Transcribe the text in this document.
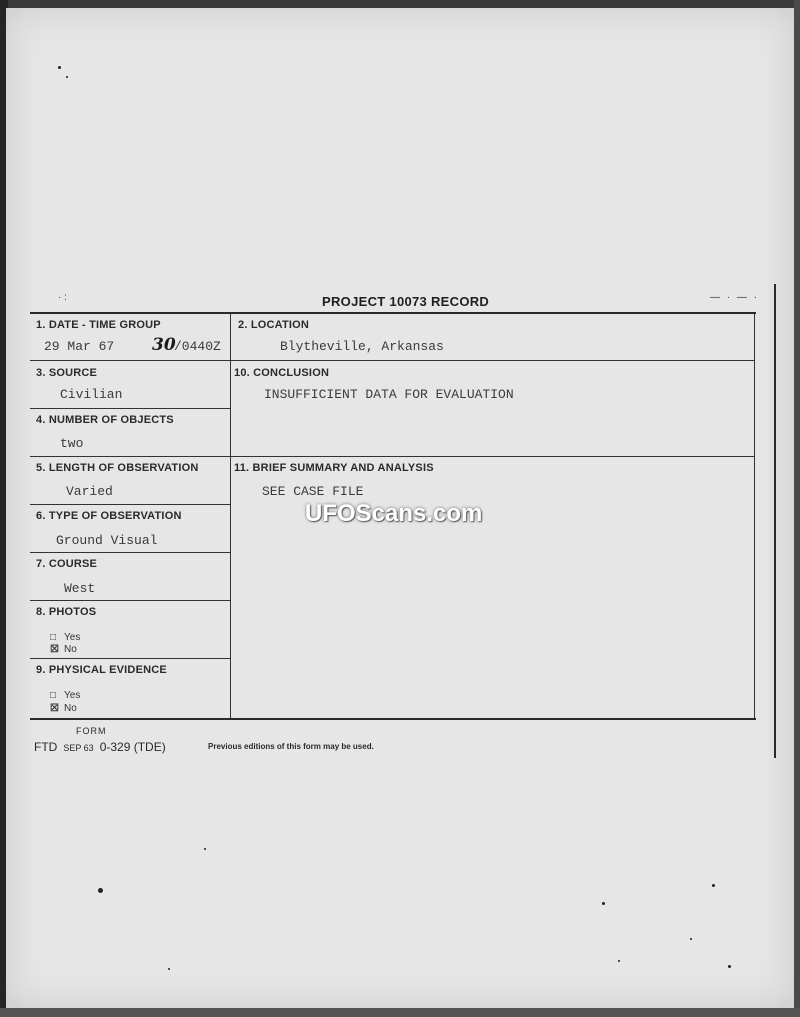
· :	PROJECT 10073 RECORD	— · — ·
1. DATE - TIME GROUP
29 Mar 67 30
/0440Z
2. LOCATION
Blytheville, Arkansas
3. SOURCE
Civilian
10. CONCLUSION
INSUFFICIENT DATA FOR EVALUATION
4. NUMBER OF OBJECTS
two
5. LENGTH OF OBSERVATION
Varied
11. BRIEF SUMMARY AND ANALYSIS
SEE CASE FILE
6. TYPE OF OBSERVATION
Ground Visual
7. COURSE
West
8. PHOTOS
□ Yes
☒ No
9. PHYSICAL EVIDENCE
□ Yes
☒ No
FORM
FTD SEP 63 0-329 (TDE)	Previous editions of this form may be used.
UFOScans.com
